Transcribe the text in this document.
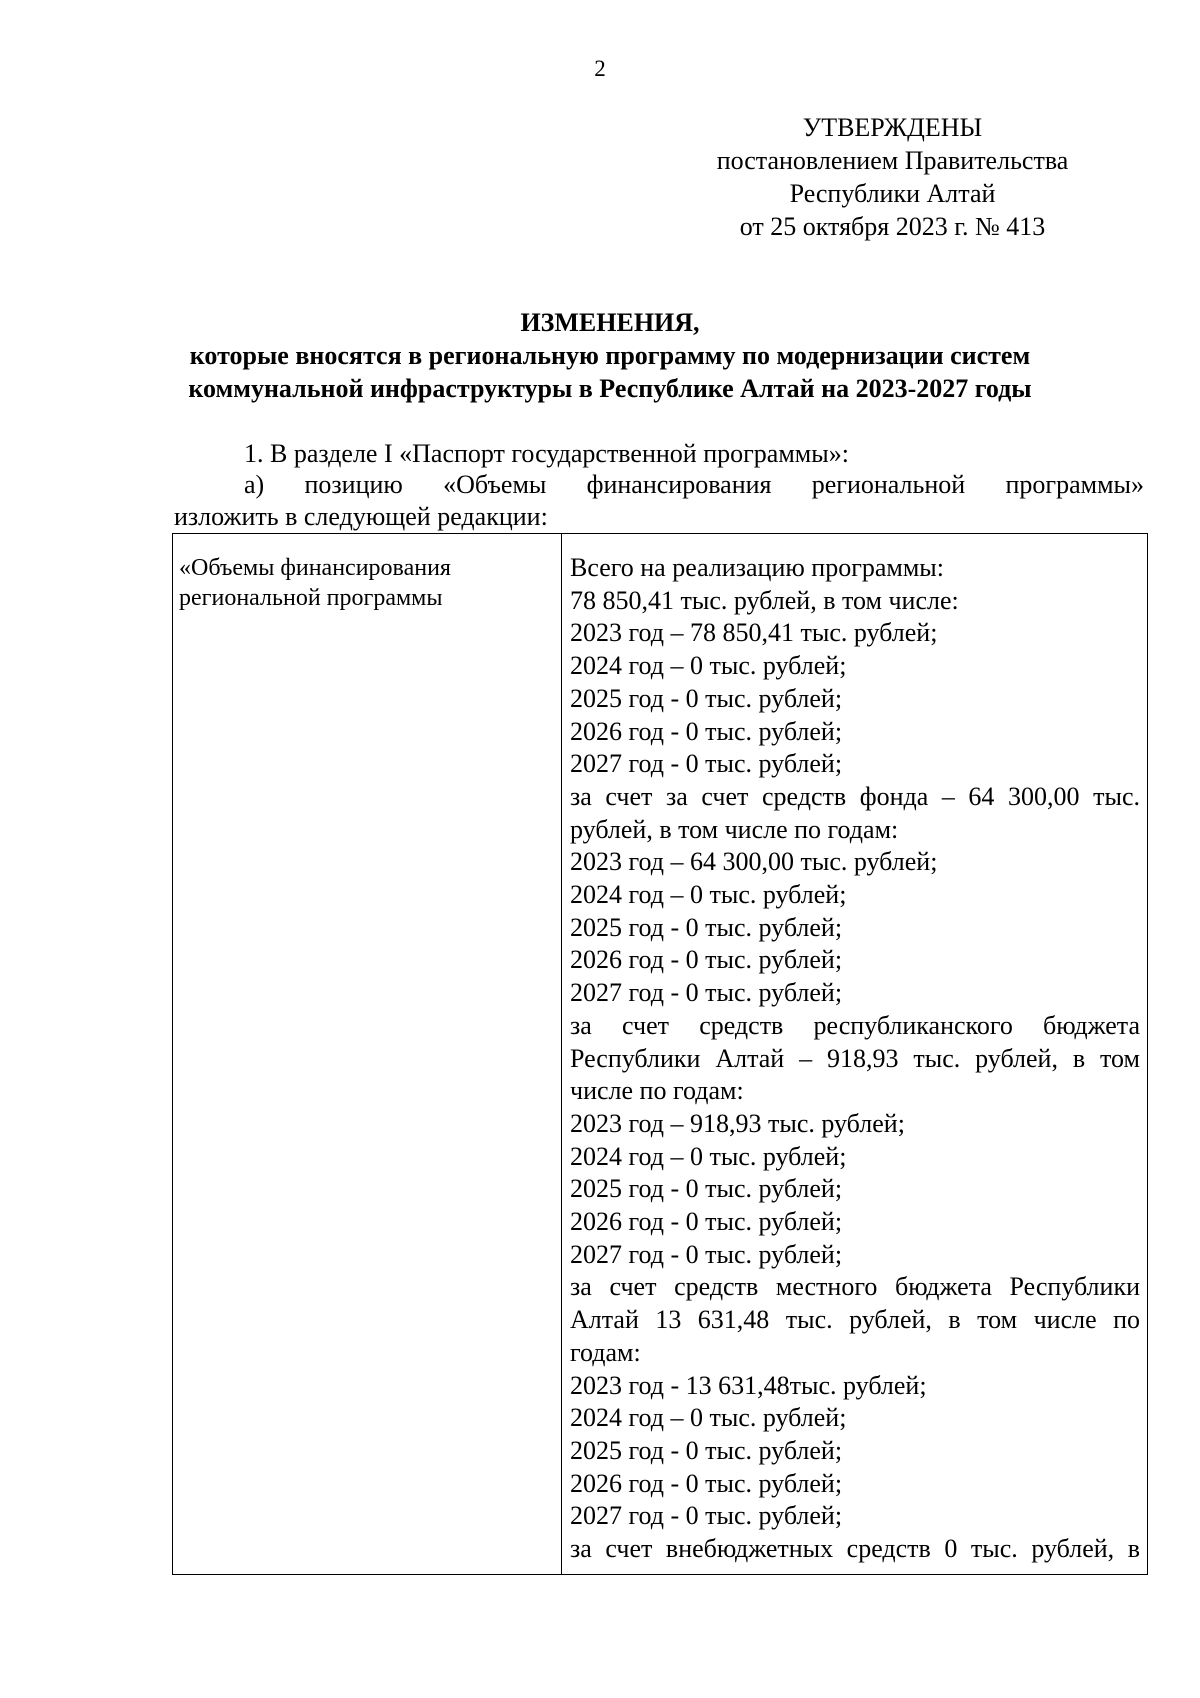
2
УТВЕРЖДЕНЫ
постановлением Правительства
Республики Алтай
от 25 октября 2023 г. № 413
ИЗМЕНЕНИЯ,
которые вносятся в региональную программу по модернизации систем
коммунальной инфраструктуры в Республике Алтай на 2023-2027 годы
1. В разделе I «Паспорт государственной программы»:
а) позицию «Объемы финансирования региональной программы»
изложить в следующей редакции:
«Объемы финансирования
региональной программы
Всего на реализацию программы:
78 850,41 тыс. рублей, в том числе:
2023 год – 78 850,41 тыс. рублей;
2024 год – 0 тыс. рублей;
2025 год - 0 тыс. рублей;
2026 год - 0 тыс. рублей;
2027 год - 0 тыс. рублей;
за счет за счет средств фонда – 64 300,00 тыс.
рублей, в том числе по годам:
2023 год – 64 300,00 тыс. рублей;
2024 год – 0 тыс. рублей;
2025 год - 0 тыс. рублей;
2026 год - 0 тыс. рублей;
2027 год - 0 тыс. рублей;
за счет средств республиканского бюджета
Республики Алтай – 918,93 тыс. рублей, в том
числе по годам:
2023 год – 918,93 тыс. рублей;
2024 год – 0 тыс. рублей;
2025 год - 0 тыс. рублей;
2026 год - 0 тыс. рублей;
2027 год - 0 тыс. рублей;
за счет средств местного бюджета Республики
Алтай 13 631,48 тыс. рублей, в том числе по
годам:
2023 год - 13 631,48тыс. рублей;
2024 год – 0 тыс. рублей;
2025 год - 0 тыс. рублей;
2026 год - 0 тыс. рублей;
2027 год - 0 тыс. рублей;
за счет внебюджетных средств 0 тыс. рублей, в
